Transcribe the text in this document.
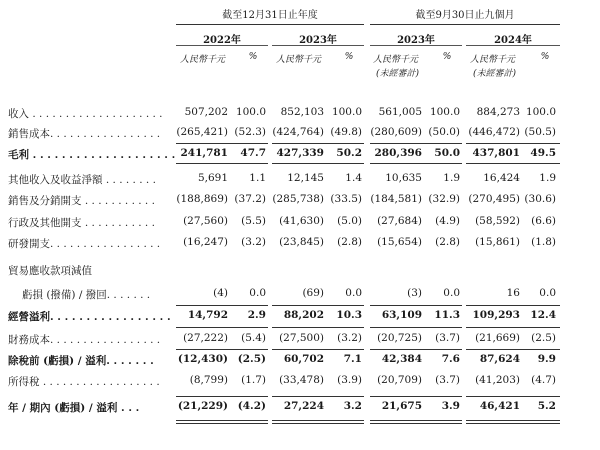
截至12月31日止年度	截至9月30日止九個月
2022年	2023年	2023年	2024年
人民幣千元	%	人民幣千元	%	人民幣千元	%	人民幣千元	%
(未經審計)	(未經審計)
收入 . . . . . . . . . . . . . . . . . . . .	507,202 100.0	852,103 100.0	561,005 100.0	884,273 100.0
銷售成本. . . . . . . . . . . . . . . . .	(265,421) (52.3) (424,764) (49.8) (280,609) (50.0) (446,472) (50.5)
毛利 . . . . . . . . . . . . . . . . . . . . 241,781	47.7	427,339	50.2	280,396	50.0	437,801 49.5
其他收入及收益淨額 . . . . . . . .	5,691	1.1	12,145	1.4	10,635	1.9	16,424	1.9
銷售及分銷開支 . . . . . . . . . . .	(188,869) (37.2) (285,738) (33.5) (184,581) (32.9) (270,495) (30.6)
行政及其他開支 . . . . . . . . . . .	(27,560)	(5.5)	(41,630)	(5.0)	(27,684)	(4.9)	(58,592)	(6.6)
研發開支. . . . . . . . . . . . . . . . .	(16,247)	(3.2)	(23,845)	(2.8)	(15,654)	(2.8)	(15,861)	(1.8)
貿易應收款項減值
虧損 (撥備) / 撥回. . . . . . .	(4)	0.0	(69)	0.0	(3)	0.0	16	0.0
經營溢利. . . . . . . . . . . . . . . . .	14,792	2.9	88,202	10.3	63,109	11.3	109,293 12.4
財務成本. . . . . . . . . . . . . . . . .	(27,222)	(5.4)	(27,500)	(3.2)	(20,725)	(3.7)	(21,669)	(2.5)
除稅前 (虧損) / 溢利. . . . . . .	(12,430) (2.5)	60,702	7.1	42,384	7.6	87,624	9.9
所得稅 . . . . . . . . . . . . . . . . . .	(8,799)	(1.7)	(33,478)	(3.9)	(20,709)	(3.7)	(41,203)	(4.7)
年 / 期內 (虧損) / 溢利 . . .	(21,229) (4.2)	27,224	3.2	21,675	3.9	46,421	5.2
